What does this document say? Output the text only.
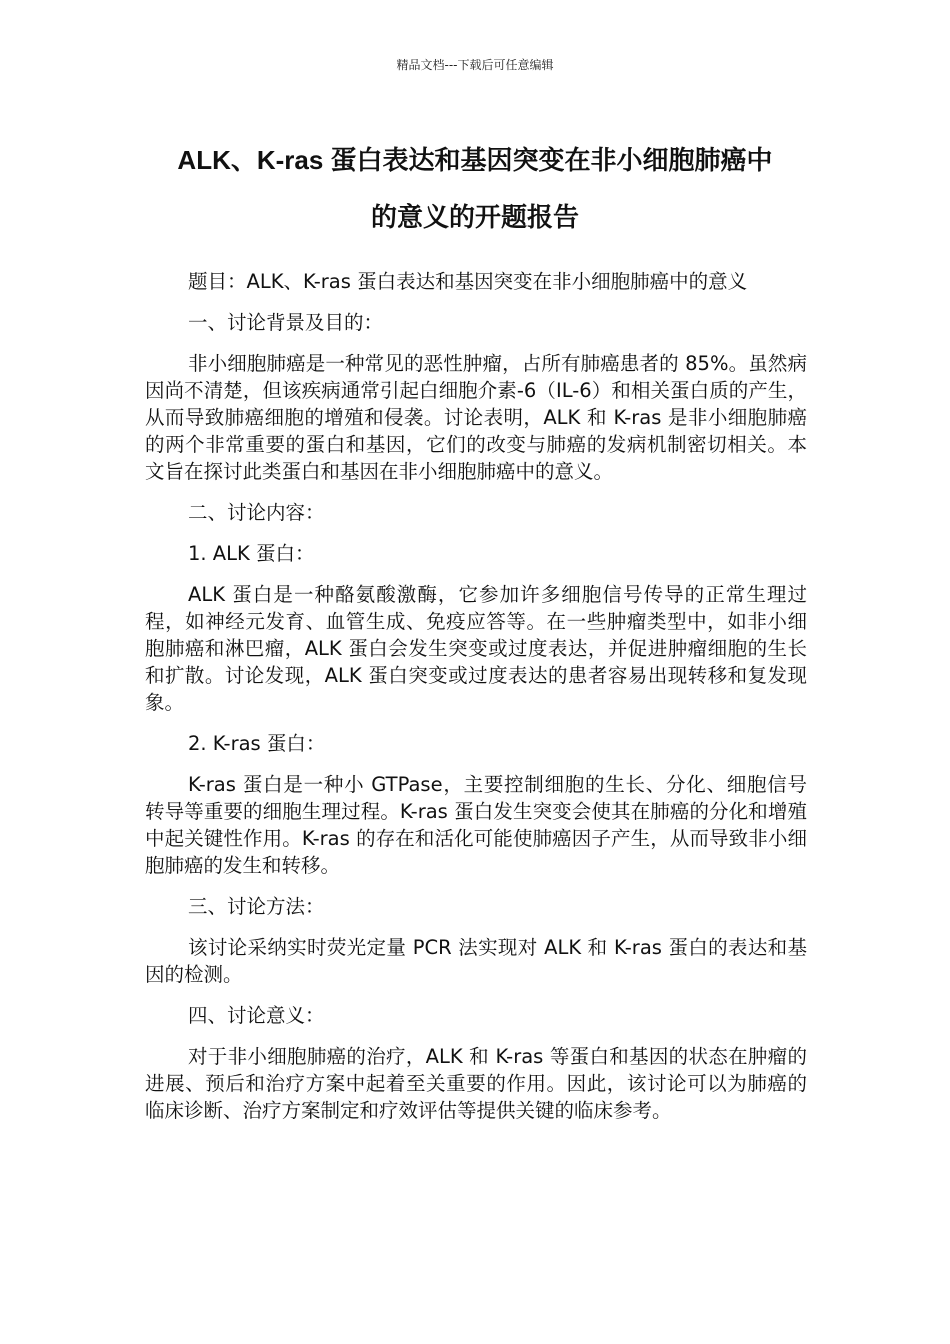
精品文档---下载后可任意编辑
ALK、K-ras 蛋白表达和基因突变在非小细胞肺癌中
的意义的开题报告

题目：ALK、K-ras 蛋白表达和基因突变在非小细胞肺癌中的意义

一、讨论背景及目的：

非小细胞肺癌是一种常见的恶性肿瘤，占所有肺癌患者的 85%。虽然病因尚不清楚，但该疾病通常引起白细胞介素-6（IL-6）和相关蛋白质的产生，从而导致肺癌细胞的增殖和侵袭。讨论表明，ALK 和 K-ras 是非小细胞肺癌的两个非常重要的蛋白和基因，它们的改变与肺癌的发病机制密切相关。本文旨在探讨此类蛋白和基因在非小细胞肺癌中的意义。

二、讨论内容：

1. ALK 蛋白：

ALK 蛋白是一种酪氨酸激酶，它参加许多细胞信号传导的正常生理过程，如神经元发育、血管生成、免疫应答等。在一些肿瘤类型中，如非小细胞肺癌和淋巴瘤，ALK 蛋白会发生突变或过度表达，并促进肿瘤细胞的生长和扩散。讨论发现，ALK 蛋白突变或过度表达的患者容易出现转移和复发现象。

2. K-ras 蛋白：

K-ras 蛋白是一种小 GTPase，主要控制细胞的生长、分化、细胞信号转导等重要的细胞生理过程。K-ras 蛋白发生突变会使其在肺癌的分化和增殖中起关键性作用。K-ras 的存在和活化可能使肺癌因子产生，从而导致非小细胞肺癌的发生和转移。

三、讨论方法：

该讨论采纳实时荧光定量 PCR 法实现对 ALK 和 K-ras 蛋白的表达和基因的检测。

四、讨论意义：

对于非小细胞肺癌的治疗，ALK 和 K-ras 等蛋白和基因的状态在肿瘤的进展、预后和治疗方案中起着至关重要的作用。因此，该讨论可以为肺癌的临床诊断、治疗方案制定和疗效评估等提供关键的临床参考。
